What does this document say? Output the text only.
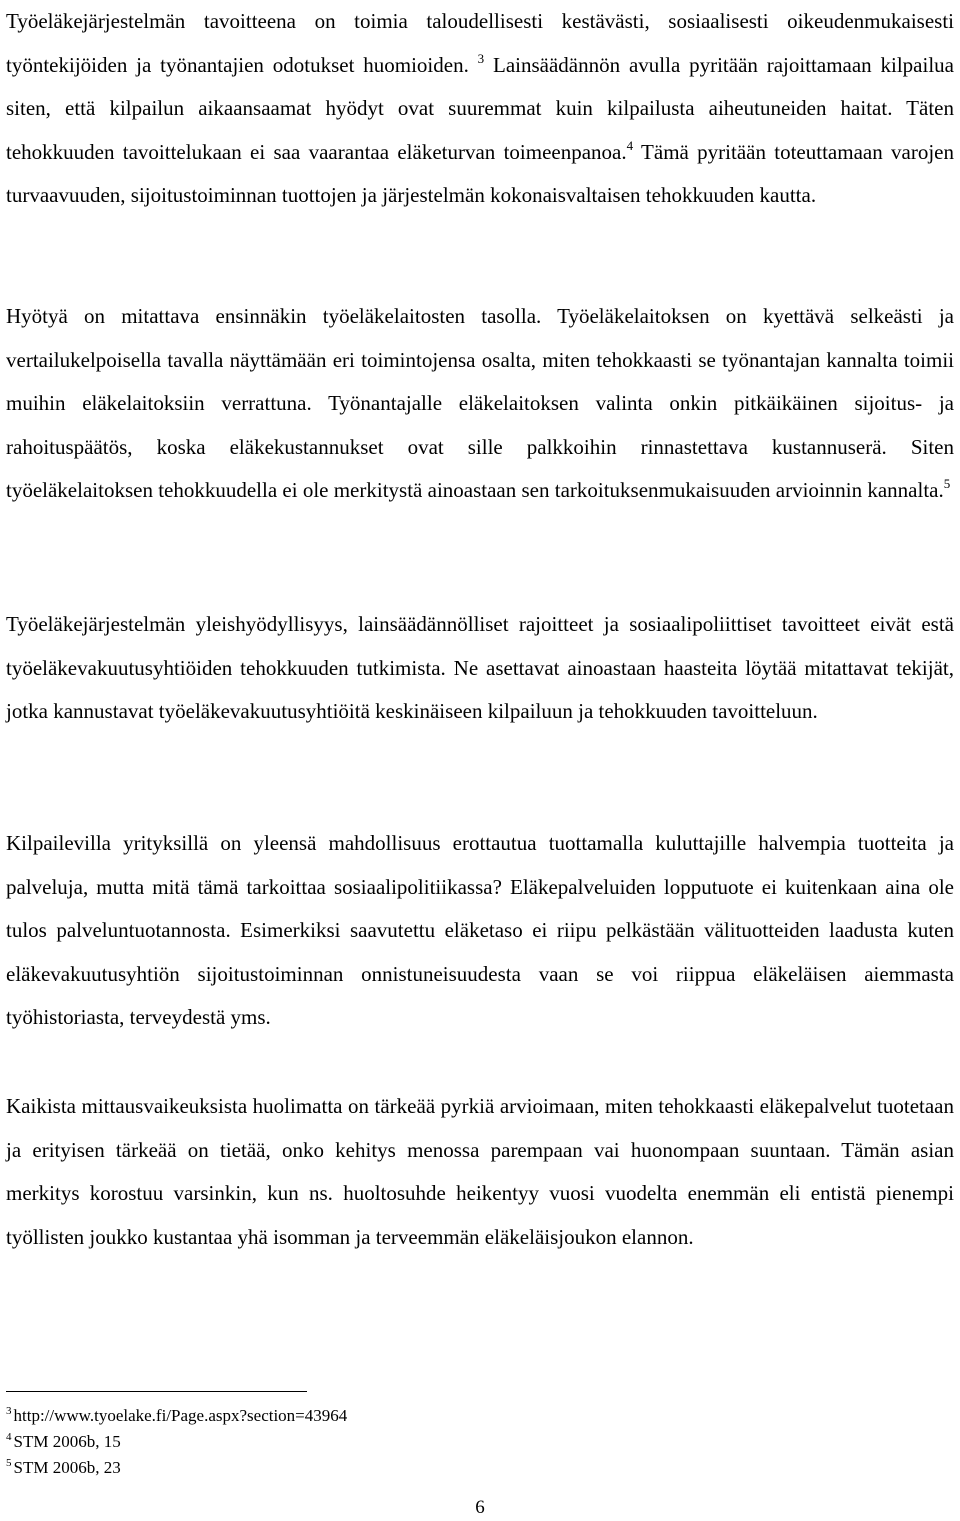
Työeläkejärjestelmän tavoitteena on toimia taloudellisesti kestävästi, sosiaalisesti oikeudenmukaisesti työntekijöiden ja työnantajien odotukset huomioiden. $^3$ Lainsäädännön avulla pyritään rajoittamaan kilpailua siten, että kilpailun aikaansaamat hyödyt ovat suuremmat kuin kilpailusta aiheutuneiden haitat. Täten tehokkuuden tavoittelukaan ei saa vaarantaa eläketurvan toimeenpanoa.$^4$ Tämä pyritään toteuttamaan varojen turvaavuuden, sijoitustoiminnan tuottojen ja järjestelmän kokonaisvaltaisen tehokkuuden kautta.

Hyötyä on mitattava ensinnäkin työeläkelaitosten tasolla. Työeläkelaitoksen on kyettävä selkeästi ja vertailukelpoisella tavalla näyttämään eri toimintojensa osalta, miten tehokkaasti se työnantajan kannalta toimii muihin eläkelaitoksiin verrattuna. Työnantajalle eläkelaitoksen valinta onkin pitkäikäinen sijoitus- ja rahoituspäätös, koska eläkekustannukset ovat sille palkkoihin rinnastettava kustannuserä. Siten työeläkelaitoksen tehokkuudella ei ole merkitystä ainoastaan sen tarkoituksenmukaisuuden arvioinnin kannalta.$^5$

Työeläkejärjestelmän yleishyödyllisyys, lainsäädännölliset rajoitteet ja sosiaalipoliittiset tavoitteet eivät estä työeläkevakuutusyhtiöiden tehokkuuden tutkimista. Ne asettavat ainoastaan haasteita löytää mitattavat tekijät, jotka kannustavat työeläkevakuutusyhtiöitä keskinäiseen kilpailuun ja tehokkuuden tavoitteluun.

Kilpailevilla yrityksillä on yleensä mahdollisuus erottautua tuottamalla kuluttajille halvempia tuotteita ja palveluja, mutta mitä tämä tarkoittaa sosiaalipolitiikassa? Eläkepalveluiden lopputuote ei kuitenkaan aina ole tulos palveluntuotannosta. Esimerkiksi saavutettu eläketaso ei riipu pelkästään välituotteiden laadusta kuten eläkevakuutusyhtiön sijoitustoiminnan onnistuneisuudesta vaan se voi riippua eläkeläisen aiemmasta työhistoriasta, terveydestä yms.

Kaikista mittausvaikeuksista huolimatta on tärkeää pyrkiä arvioimaan, miten tehokkaasti eläkepalvelut tuotetaan ja erityisen tärkeää on tietää, onko kehitys menossa parempaan vai huonompaan suuntaan. Tämän asian merkitys korostuu varsinkin, kun ns. huoltosuhde heikentyy vuosi vuodelta enemmän eli entistä pienempi työllisten joukko kustantaa yhä isomman ja terveemmän eläkeläisjoukon elannon.

$^3$ http://www.tyoelake.fi/Page.aspx?section=43964
$^4$ STM 2006b, 15
$^5$ STM 2006b, 23
6
